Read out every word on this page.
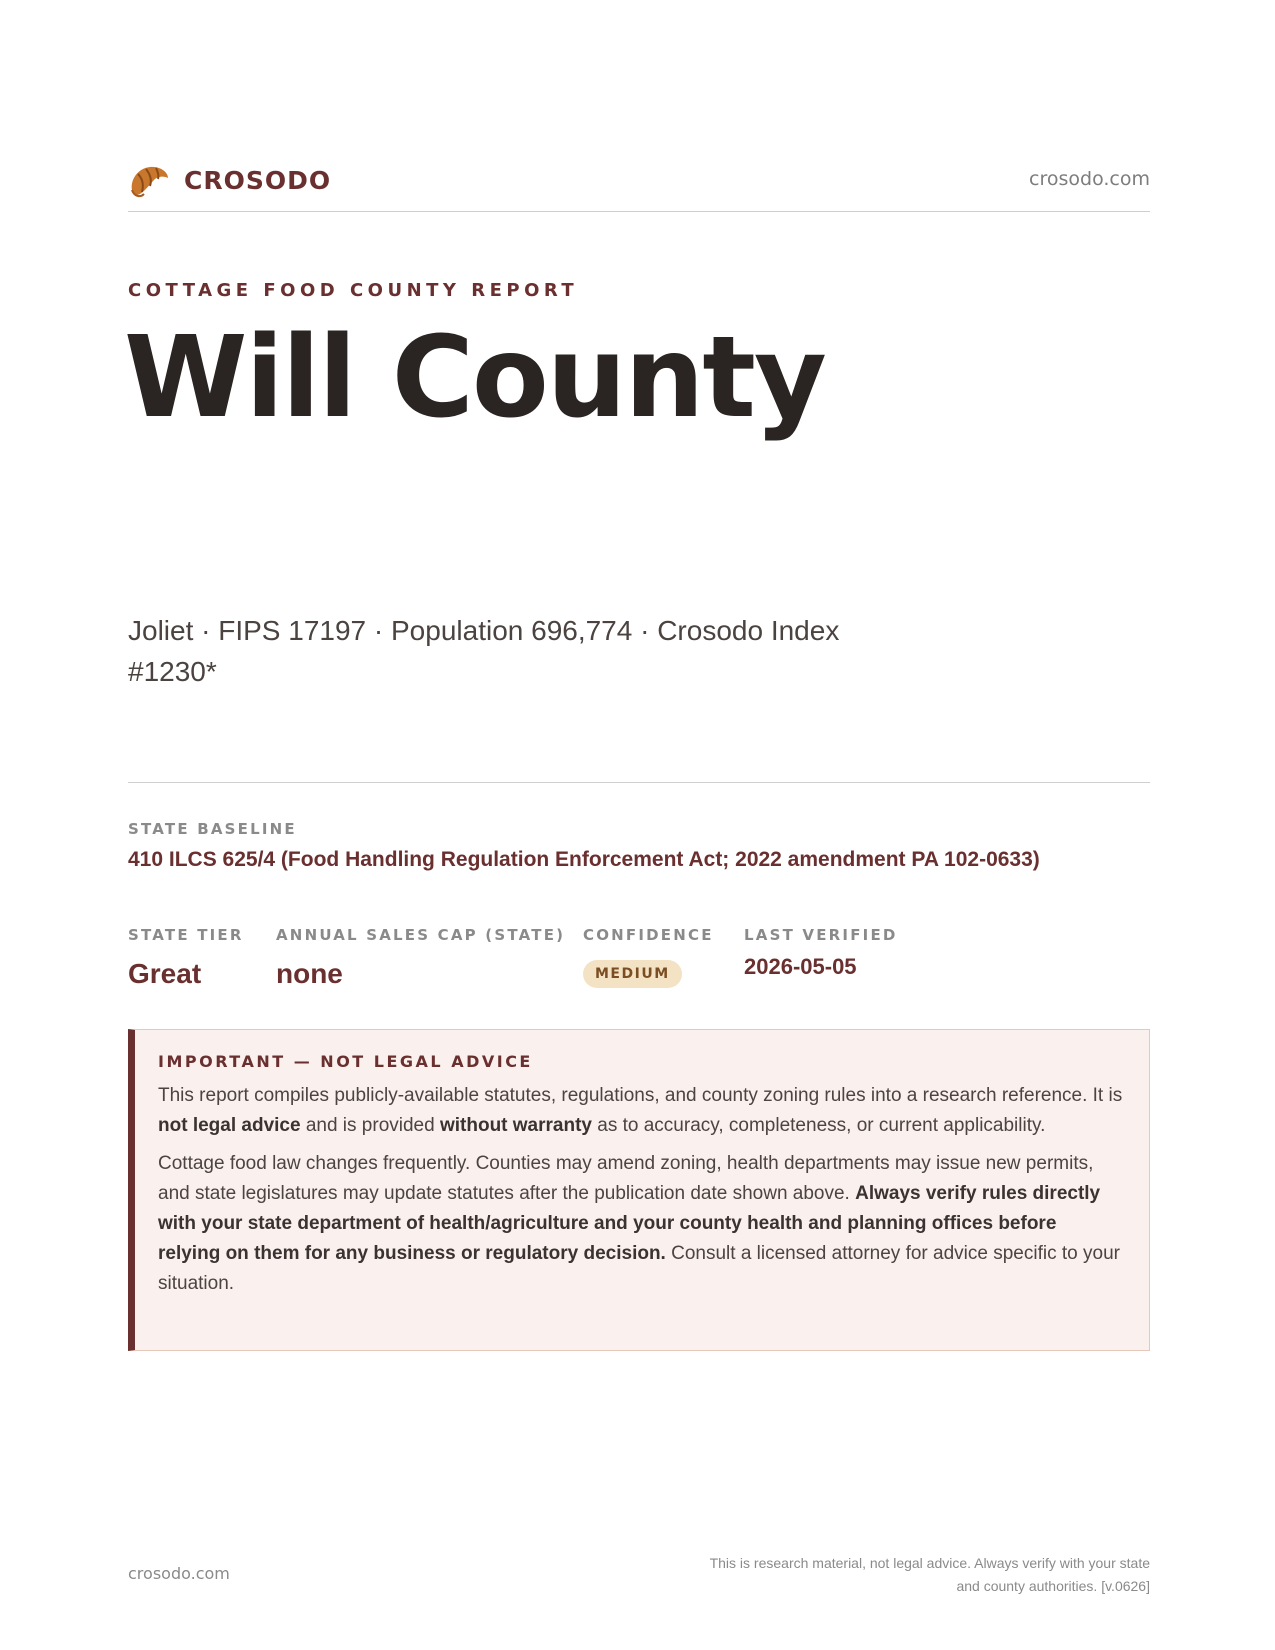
CROSODO	crosodo.com
COTTAGE FOOD COUNTY REPORT
Will County
Joliet · FIPS 17197 · Population 696,774 · Crosodo Index #1230*
STATE BASELINE
410 ILCS 625/4 (Food Handling Regulation Enforcement Act; 2022 amendment PA 102-0633)
STATE TIER
Great
ANNUAL SALES CAP (STATE)
none
CONFIDENCE
MEDIUM
LAST VERIFIED
2026-05-05
IMPORTANT — NOT LEGAL ADVICE

This report compiles publicly-available statutes, regulations, and county zoning rules into a research reference. It is not legal advice and is provided without warranty as to accuracy, completeness, or current applicability.

Cottage food law changes frequently. Counties may amend zoning, health departments may issue new permits, and state legislatures may update statutes after the publication date shown above. Always verify rules directly with your state department of health/agriculture and your county health and planning offices before relying on them for any business or regulatory decision. Consult a licensed attorney for advice specific to your situation.

crosodo.com
This is research material, not legal advice. Always verify with your state
and county authorities. [v.0626]
